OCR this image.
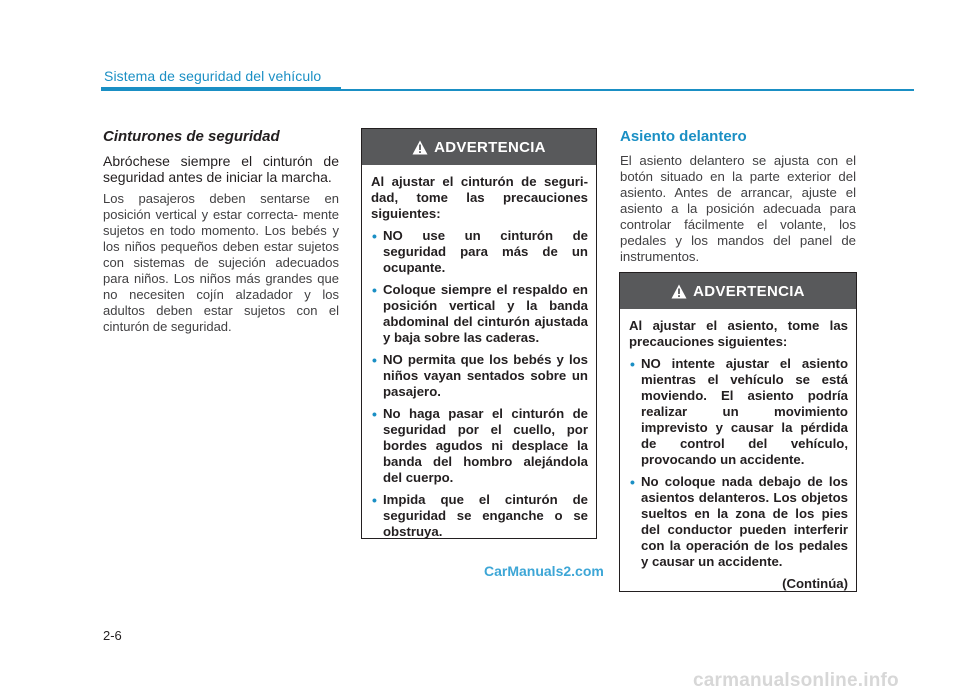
Sistema de seguridad del vehículo
Cinturones de seguridad

Abróchese siempre el cinturón de seguridad antes de iniciar la marcha.

Los pasajeros deben sentarse en posición vertical y estar correcta- mente sujetos en todo momento. Los bebés y los niños pequeños deben estar sujetos con sistemas de sujeción adecuados para niños. Los niños más grandes que no necesiten cojín alzadador y los adultos deben estar sujetos con el cinturón de seguridad.

ADVERTENCIA

Al ajustar el cinturón de seguri- dad, tome las precauciones siguientes:

• NO use un cinturón de seguridad para más de un ocupante.
• Coloque siempre el respaldo en posición vertical y la banda abdominal del cinturón ajustada y baja sobre las caderas.
• NO permita que los bebés y los niños vayan sentados sobre un pasajero.
• No haga pasar el cinturón de seguridad por el cuello, por bordes agudos ni desplace la banda del hombro alejándola del cuerpo.
• Impida que el cinturón de seguridad se enganche o se obstruya.
Asiento delantero

El asiento delantero se ajusta con el botón situado en la parte exterior del asiento. Antes de arrancar, ajuste el asiento a la posición adecuada para controlar fácilmente el volante, los pedales y los mandos del panel de instrumentos.

ADVERTENCIA

Al ajustar el asiento, tome las precauciones siguientes:

• NO intente ajustar el asiento mientras el vehículo se está moviendo. El asiento podría realizar un movimiento imprevisto y causar la pérdida de control del vehículo, provocando un accidente.
• No coloque nada debajo de los asientos delanteros. Los objetos sueltos en la zona de los pies del conductor pueden interferir con la operación de los pedales y causar un accidente.
(Continúa)
CarManuals2.com
2-6
carmanualsonline.info
